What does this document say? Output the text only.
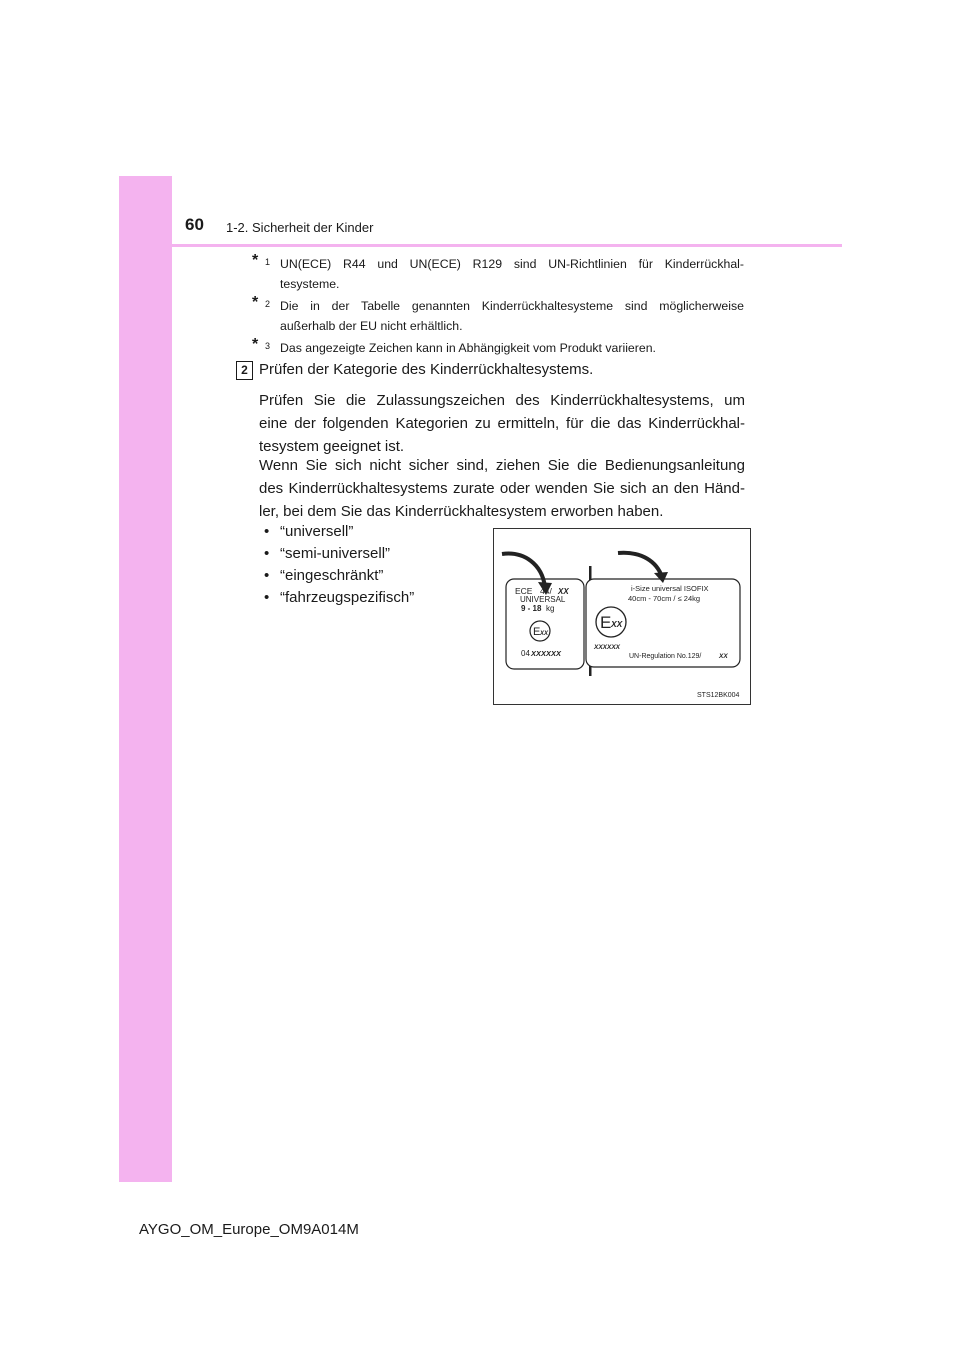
60 1-2. Sicherheit der Kinder
* 1 UN(ECE) R44 und UN(ECE) R129 sind UN-Richtlinien für Kinderrückhal-
tesysteme.
* 2 Die in der Tabelle genannten Kinderrückhaltesysteme sind möglicherweise
außerhalb der EU nicht erhältlich.
* 3 Das angezeigte Zeichen kann in Abhängigkeit vom Produkt variieren.
2 Prüfen der Kategorie des Kinderrückhaltesystems.
Prüfen Sie die Zulassungszeichen des Kinderrückhaltesystems, um
eine der folgenden Kategorien zu ermitteln, für die das Kinderrückhal-
tesystem geeignet ist.
Wenn Sie sich nicht sicher sind, ziehen Sie die Bedienungsanleitung
des Kinderrückhaltesystems zurate oder wenden Sie sich an den Händ-
ler, bei dem Sie das Kinderrückhaltesystem erworben haben.
• “universell”
• “semi-universell”
• “eingeschränkt”
• “fahrzeugspezifisch”	ECE 44/ XX
UNIVERSAL
9 - 18 kg
E XX
04 XXXXXX
i-Size universal ISOFIX
40cm - 70cm / ≤ 24kg
E XX
XXXXXX
UN-Regulation No.129/	XX
STS12BK004
AYGO_OM_Europe_OM9A014M
